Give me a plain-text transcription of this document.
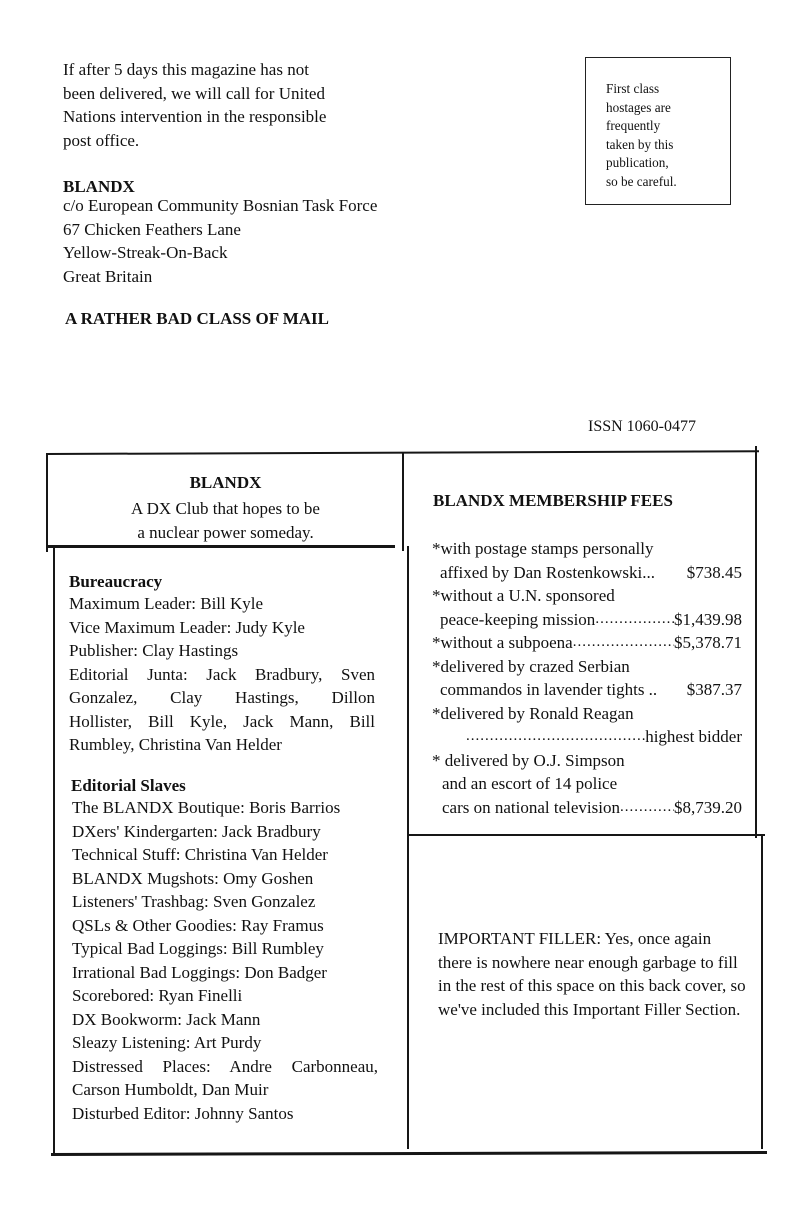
If after 5 days this magazine has not
been delivered, we will call for United
Nations intervention in the responsible
post office.
First class
hostages are
frequently
taken by this
publication,
so be careful.
BLANDX
c/o European Community Bosnian Task Force
67 Chicken Feathers Lane
Yellow-Streak-On-Back
Great Britain
A RATHER BAD CLASS OF MAIL
ISSN 1060-0477
BLANDX
A DX Club that hopes to be
a nuclear power someday.
Bureaucracy
Maximum Leader: Bill Kyle
Vice Maximum Leader: Judy Kyle
Publisher: Clay Hastings
Editorial Junta: Jack Bradbury, Sven
Gonzalez, Clay Hastings, Dillon
Hollister, Bill Kyle, Jack Mann, Bill
Rumbley, Christina Van Helder
Editorial Slaves
The BLANDX Boutique: Boris Barrios
DXers' Kindergarten: Jack Bradbury
Technical Stuff: Christina Van Helder
BLANDX Mugshots: Omy Goshen
Listeners' Trashbag: Sven Gonzalez
QSLs & Other Goodies: Ray Framus
Typical Bad Loggings: Bill Rumbley
Irrational Bad Loggings: Don Badger
Scorebored: Ryan Finelli
DX Bookworm: Jack Mann
Sleazy Listening: Art Purdy
Distressed Places: Andre Carbonneau,
Carson Humboldt, Dan Muir
Disturbed Editor: Johnny Santos
BLANDX MEMBERSHIP FEES
*with postage stamps personally
affixed by Dan Rostenkowski... $738.45
*without a U.N. sponsored
peace-keeping mission .....	$1,439.98
*without a subpoena .....	$5,378.71
*delivered by crazed Serbian
commandos in lavender tights .. $387.37
*delivered by Ronald Reagan
.....
highest bidder
* delivered by O.J. Simpson
and an escort of 14 police
cars on national television .....	$8,739.20
IMPORTANT FILLER: Yes, once again there is nowhere near enough garbage to fill in the rest of this space on this back cover, so we've included this Important Filler Section.
